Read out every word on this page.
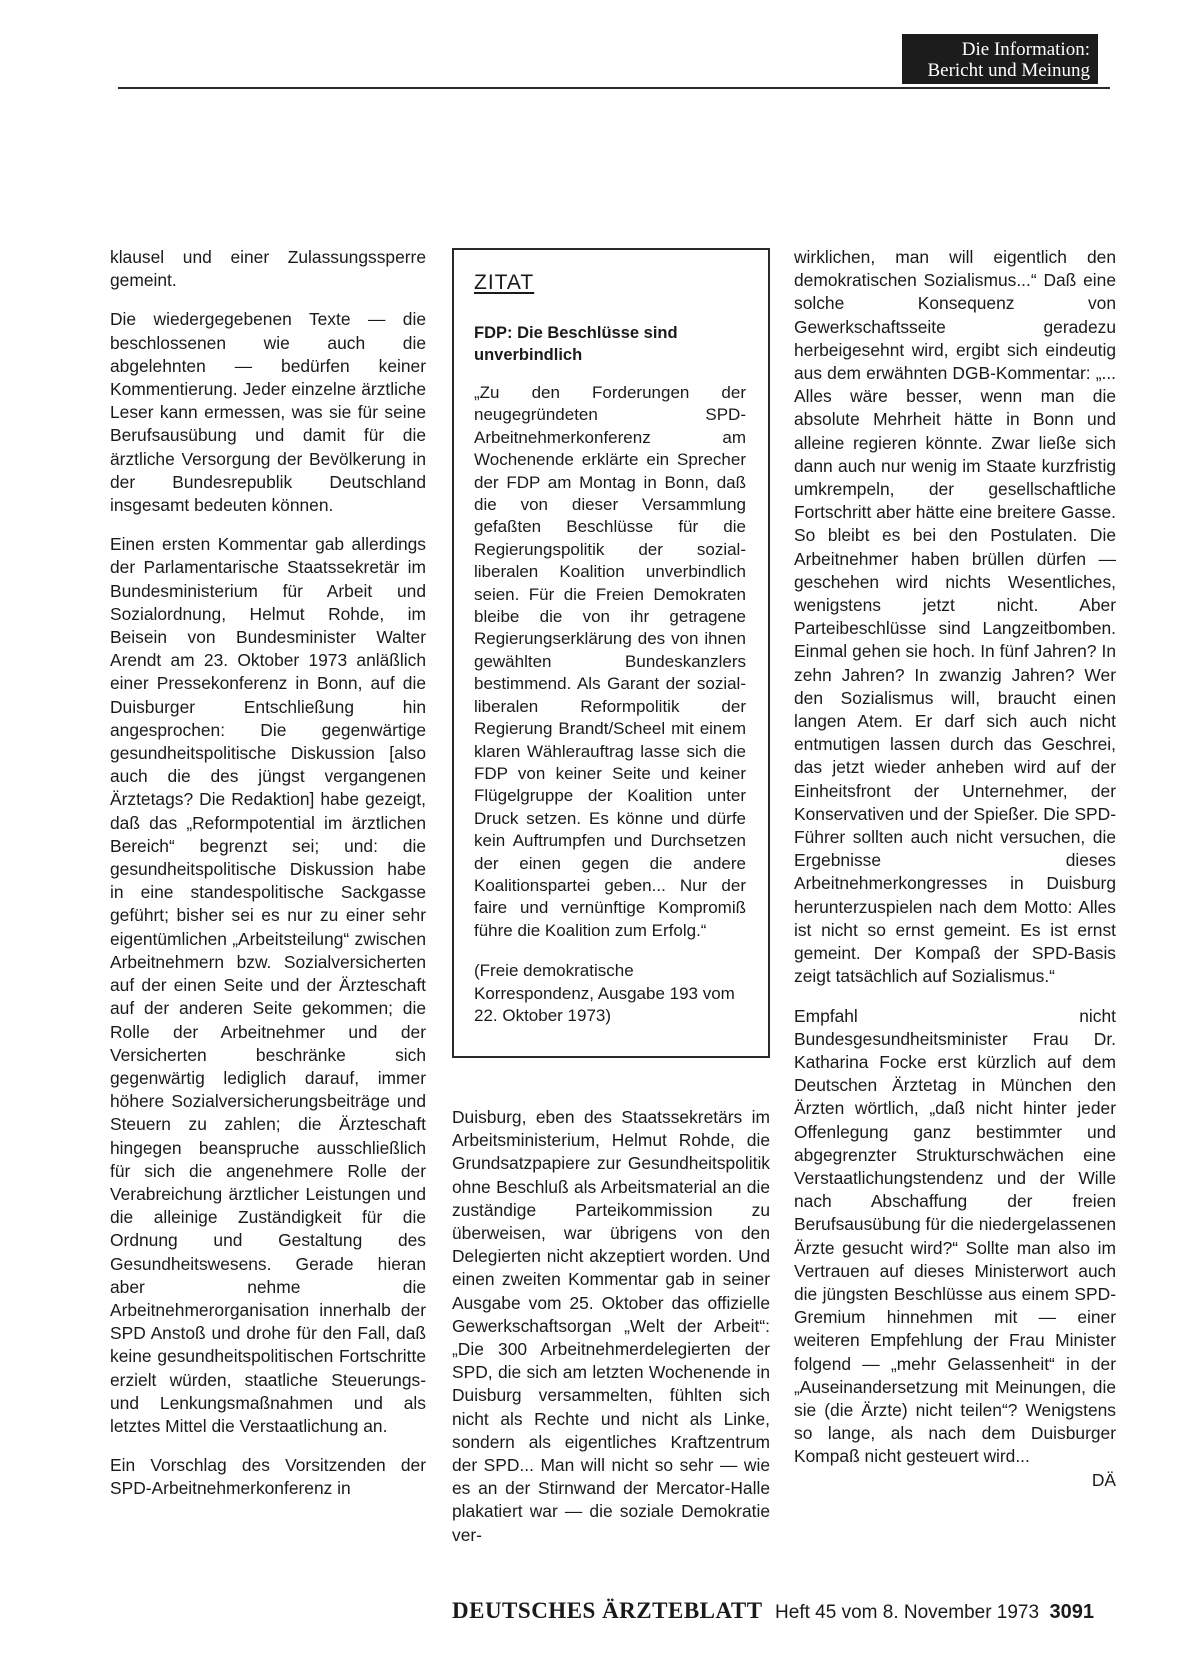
Die Information:
Bericht und Meinung

klausel und einer Zulassungssperre gemeint.

Die wiedergegebenen Texte — die beschlossenen wie auch die abgelehnten — bedürfen keiner Kommentierung. Jeder einzelne ärztliche Leser kann ermessen, was sie für seine Berufsausübung und damit für die ärztliche Versorgung der Bevölkerung in der Bundesrepublik Deutschland insgesamt bedeuten können.

Einen ersten Kommentar gab allerdings der Parlamentarische Staatssekretär im Bundesministerium für Arbeit und Sozialordnung, Helmut Rohde, im Beisein von Bundesminister Walter Arendt am 23. Oktober 1973 anläßlich einer Pressekonferenz in Bonn, auf die Duisburger Entschließung hin angesprochen: Die gegenwärtige gesundheitspolitische Diskussion [also auch die des jüngst vergangenen Ärztetags? Die Redaktion] habe gezeigt, daß das „Reformpotential im ärztlichen Bereich“ begrenzt sei; und: die gesundheitspolitische Diskussion habe in eine standespolitische Sackgasse geführt; bisher sei es nur zu einer sehr eigentümlichen „Arbeitsteilung“ zwischen Arbeitnehmern bzw. Sozialversicherten auf der einen Seite und der Ärzteschaft auf der anderen Seite gekommen; die Rolle der Arbeitnehmer und der Versicherten beschränke sich gegenwärtig lediglich darauf, immer höhere Sozialversicherungsbeiträge und Steuern zu zahlen; die Ärzteschaft hingegen beanspruche ausschließlich für sich die angenehmere Rolle der Verabreichung ärztlicher Leistungen und die alleinige Zuständigkeit für die Ordnung und Gestaltung des Gesundheitswesens. Gerade hieran aber nehme die Arbeitnehmerorganisation innerhalb der SPD Anstoß und drohe für den Fall, daß keine gesundheitspolitischen Fortschritte erzielt würden, staatliche Steuerungs- und Lenkungsmaßnahmen und als letztes Mittel die Verstaatlichung an.

Ein Vorschlag des Vorsitzenden der SPD-Arbeitnehmerkonferenz in

ZITAT
FDP: Die Beschlüsse sind unverbindlich

„Zu den Forderungen der neugegründeten SPD-Arbeitnehmerkonferenz am Wochenende erklärte ein Sprecher der FDP am Montag in Bonn, daß die von dieser Versammlung gefaßten Beschlüsse für die Regierungspolitik der sozial-liberalen Koalition unverbindlich seien. Für die Freien Demokraten bleibe die von ihr getragene Regierungserklärung des von ihnen gewählten Bundeskanzlers bestimmend. Als Garant der sozial-liberalen Reformpolitik der Regierung Brandt/Scheel mit einem klaren Wählerauftrag lasse sich die FDP von keiner Seite und keiner Flügelgruppe der Koalition unter Druck setzen. Es könne und dürfe kein Auftrumpfen und Durchsetzen der einen gegen die andere Koalitionspartei geben... Nur der faire und vernünftige Kompromiß führe die Koalition zum Erfolg.“

(Freie demokratische Korrespondenz, Ausgabe 193 vom 22. Oktober 1973)

Duisburg, eben des Staatssekretärs im Arbeitsministerium, Helmut Rohde, die Grundsatzpapiere zur Gesundheitspolitik ohne Beschluß als Arbeitsmaterial an die zuständige Parteikommission zu überweisen, war übrigens von den Delegierten nicht akzeptiert worden. Und einen zweiten Kommentar gab in seiner Ausgabe vom 25. Oktober das offizielle Gewerkschaftsorgan „Welt der Arbeit“: „Die 300 Arbeitnehmerdelegierten der SPD, die sich am letzten Wochenende in Duisburg versammelten, fühlten sich nicht als Rechte und nicht als Linke, sondern als eigentliches Kraftzentrum der SPD... Man will nicht so sehr — wie es an der Stirnwand der Mercator-Halle plakatiert war — die soziale Demokratie ver-

wirklichen, man will eigentlich den demokratischen Sozialismus...“ Daß eine solche Konsequenz von Gewerkschaftsseite geradezu herbeigesehnt wird, ergibt sich eindeutig aus dem erwähnten DGB-Kommentar: „... Alles wäre besser, wenn man die absolute Mehrheit hätte in Bonn und alleine regieren könnte. Zwar ließe sich dann auch nur wenig im Staate kurzfristig umkrempeln, der gesellschaftliche Fortschritt aber hätte eine breitere Gasse. So bleibt es bei den Postulaten. Die Arbeitnehmer haben brüllen dürfen — geschehen wird nichts Wesentliches, wenigstens jetzt nicht. Aber Parteibeschlüsse sind Langzeitbomben. Einmal gehen sie hoch. In fünf Jahren? In zehn Jahren? In zwanzig Jahren? Wer den Sozialismus will, braucht einen langen Atem. Er darf sich auch nicht entmutigen lassen durch das Geschrei, das jetzt wieder anheben wird auf der Einheitsfront der Unternehmer, der Konservativen und der Spießer. Die SPD-Führer sollten auch nicht versuchen, die Ergebnisse dieses Arbeitnehmerkongresses in Duisburg herunterzuspielen nach dem Motto: Alles ist nicht so ernst gemeint. Es ist ernst gemeint. Der Kompaß der SPD-Basis zeigt tatsächlich auf Sozialismus.“

Empfahl nicht Bundesgesundheitsminister Frau Dr. Katharina Focke erst kürzlich auf dem Deutschen Ärztetag in München den Ärzten wörtlich, „daß nicht hinter jeder Offenlegung ganz bestimmter und abgegrenzter Strukturschwächen eine Verstaatlichungstendenz und der Wille nach Abschaffung der freien Berufsausübung für die niedergelassenen Ärzte gesucht wird?“ Sollte man also im Vertrauen auf dieses Ministerwort auch die jüngsten Beschlüsse aus einem SPD-Gremium hinnehmen mit — einer weiteren Empfehlung der Frau Minister folgend — „mehr Gelassenheit“ in der „Auseinandersetzung mit Meinungen, die sie (die Ärzte) nicht teilen“? Wenigstens so lange, als nach dem Duisburger Kompaß nicht gesteuert wird...

DÄ
DEUTSCHES ÄRZTEBLATT Heft 45 vom 8. November 1973 3091
